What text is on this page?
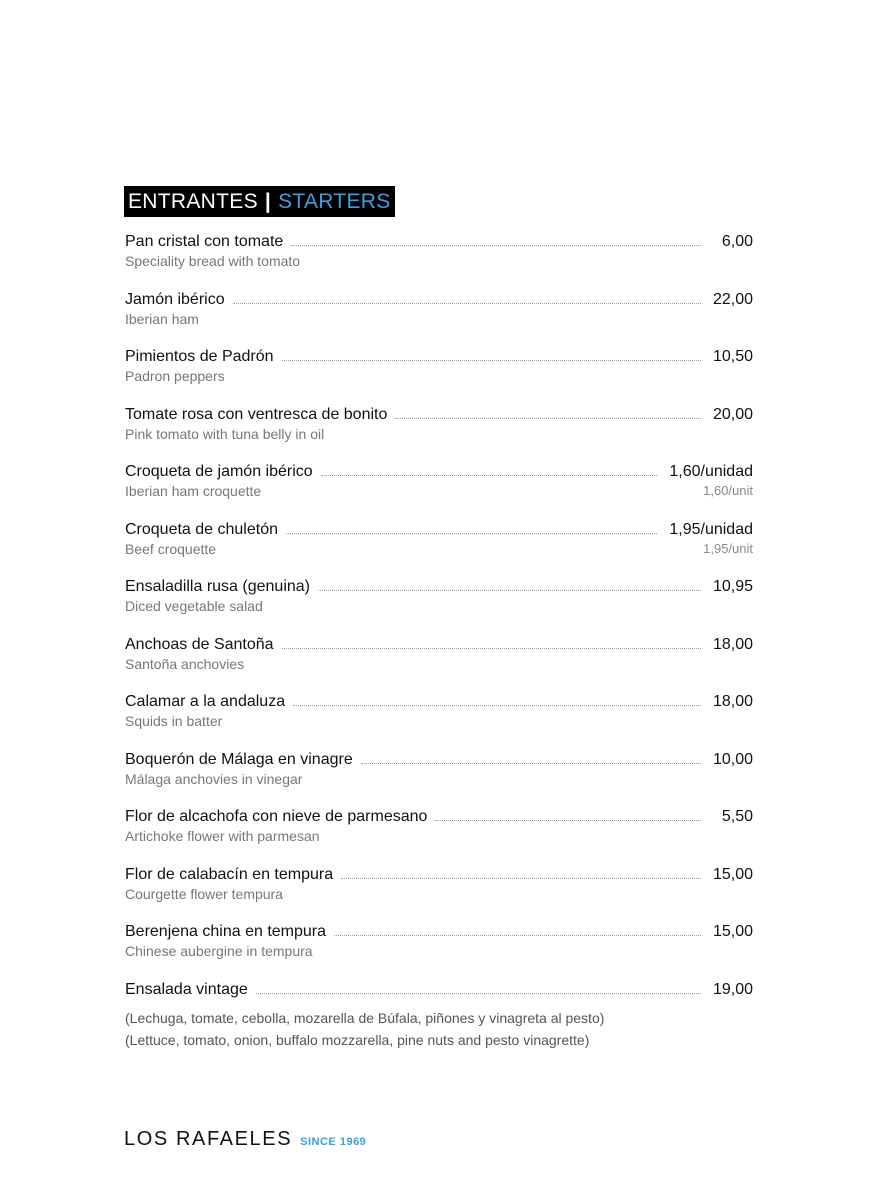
ENTRANTES | STARTERS
Pan cristal con tomate	6,00
Speciality bread with tomato
Jamón ibérico	22,00
Iberian ham
Pimientos de Padrón	10,50
Padron peppers
Tomate rosa con ventresca de bonito	20,00
Pink tomato with tuna belly in oil
Croqueta de jamón ibérico	1,60/unidad
Iberian ham croquette	1,60/unit
Croqueta de chuletón	1,95/unidad
Beef croquette	1,95/unit
Ensaladilla rusa (genuina)	10,95
Diced vegetable salad
Anchoas de Santoña	18,00
Santoña anchovies
Calamar a la andaluza	18,00
Squids in batter
Boquerón de Málaga en vinagre	10,00
Málaga anchovies in vinegar
Flor de alcachofa con nieve de parmesano	5,50
Artichoke flower with parmesan
Flor de calabacín en tempura	15,00
Courgette flower tempura
Berenjena china en tempura	15,00
Chinese aubergine in tempura
Ensalada vintage	19,00
(Lechuga, tomate, cebolla, mozarella de Búfala, piñones y vinagreta al pesto)
(Lettuce, tomato, onion, buffalo mozzarella, pine nuts and pesto vinagrette)
LOS RAFAELES SINCE 1969
